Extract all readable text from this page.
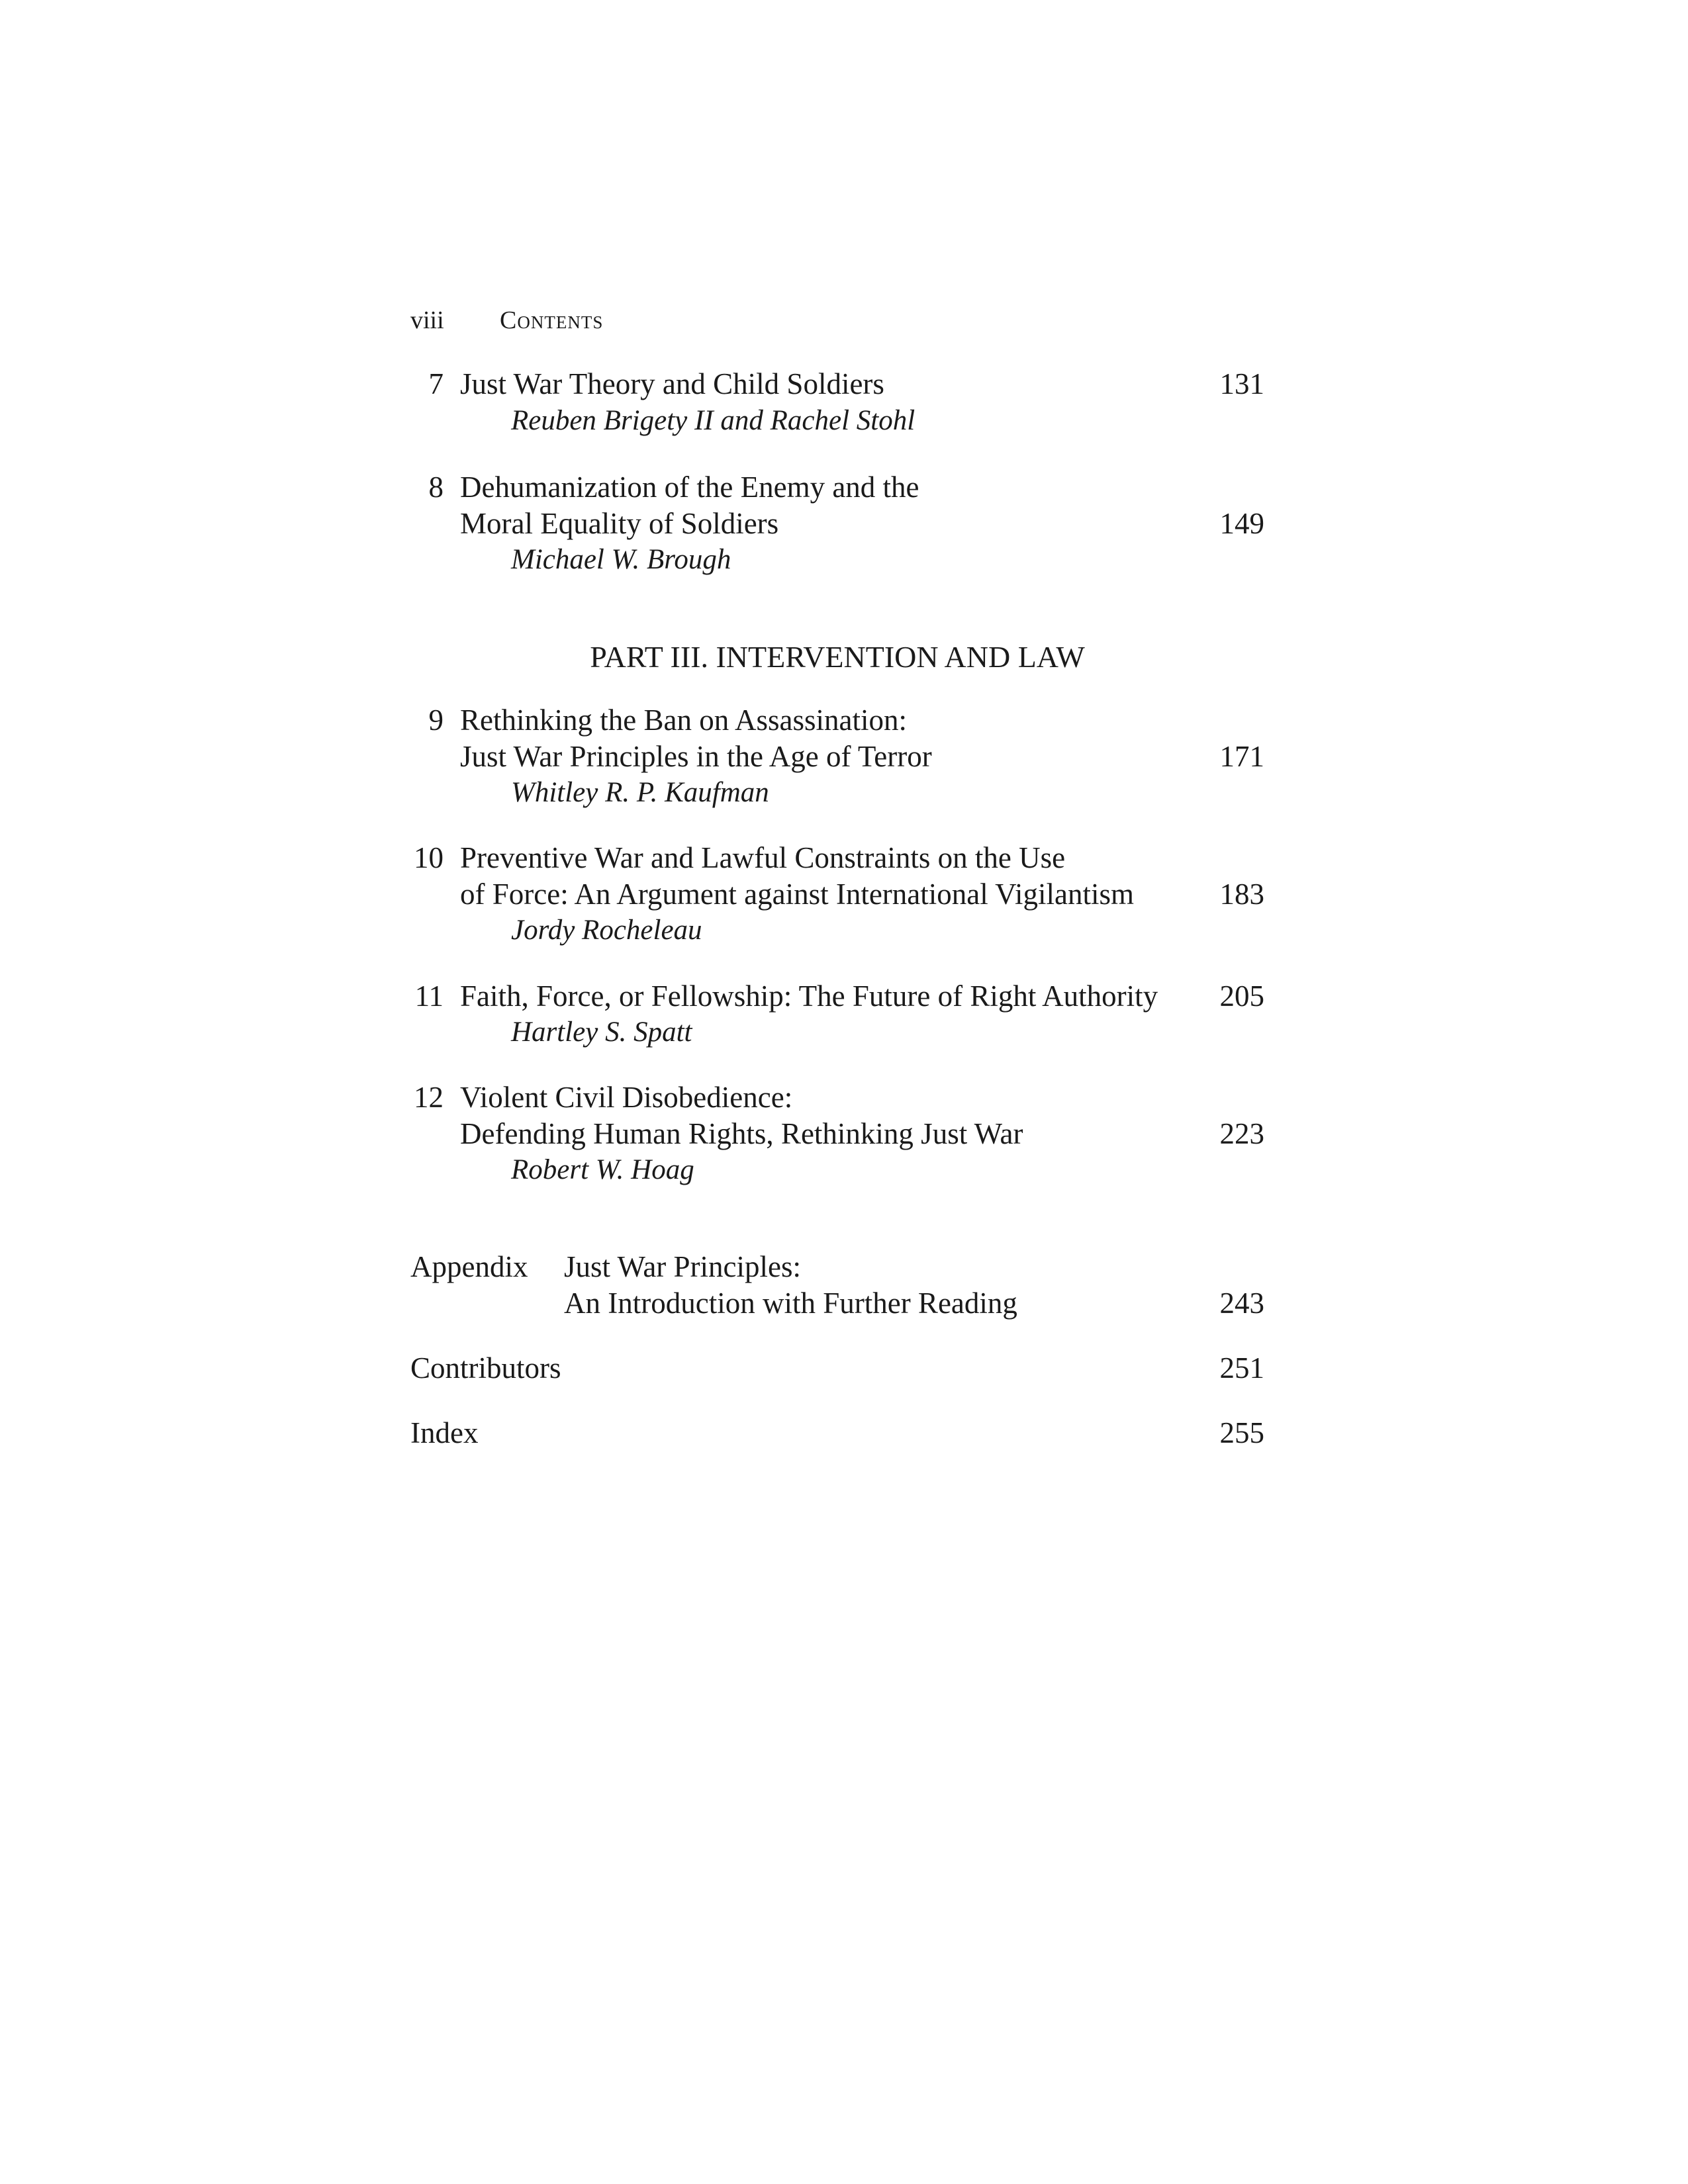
viii Contents
7 Just War Theory and Child Soldiers	131
Reuben Brigety II and Rachel Stohl
8 Dehumanization of the Enemy and the
Moral Equality of Soldiers	149
Michael W. Brough
PART III. INTERVENTION AND LAW
9 Rethinking the Ban on Assassination:
Just War Principles in the Age of Terror	171
Whitley R. P. Kaufman
10 Preventive War and Lawful Constraints on the Use
of Force: An Argument against International Vigilantism	183
Jordy Rocheleau
11 Faith, Force, or Fellowship: The Future of Right Authority	205
Hartley S. Spatt
12 Violent Civil Disobedience:
Defending Human Rights, Rethinking Just War	223
Robert W. Hoag
Appendix Just War Principles:
An Introduction with Further Reading	243
Contributors	251
Index	255
